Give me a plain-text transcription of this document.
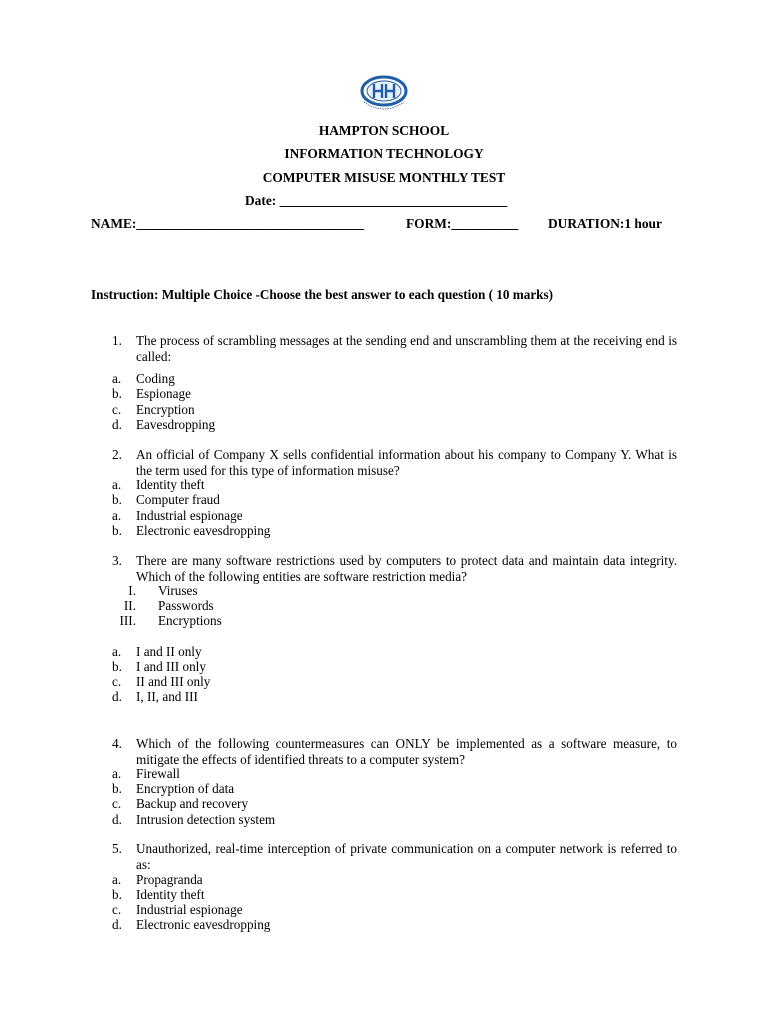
HAMPTON SCHOOL
INFORMATION TECHNOLOGY
COMPUTER MISUSE MONTHLY TEST
Date: __________________________________
NAME:__________________________________	FORM:__________ DURATION:1 hour
Instruction: Multiple Choice -Choose the best answer to each question ( 10 marks)
1.	The process of scrambling messages at the sending end and unscrambling them at the receiving end is called:
a. Coding
b. Espionage
c. Encryption
d. Eavesdropping
2.	An official of Company X sells confidential information about his company to Company Y. What is the term used for this type of information misuse?
a. Identity theft
b. Computer fraud
a. Industrial espionage
b. Electronic eavesdropping
3.	There are many software restrictions used by computers to protect data and maintain data integrity. Which of the following entities are software restriction media?
I. Viruses
II. Passwords
III. Encryptions
a. I and II only
b. I and III only
c. II and III only
d. I, II, and III
4.	Which of the following countermeasures can ONLY be implemented as a software measure, to mitigate the effects of identified threats to a computer system?
a. Firewall
b. Encryption of data
c. Backup and recovery
d. Intrusion detection system
5.	Unauthorized, real-time interception of private communication on a computer network is referred to as:
a. Propagranda
b. Identity theft
c. Industrial espionage
d. Electronic eavesdropping
